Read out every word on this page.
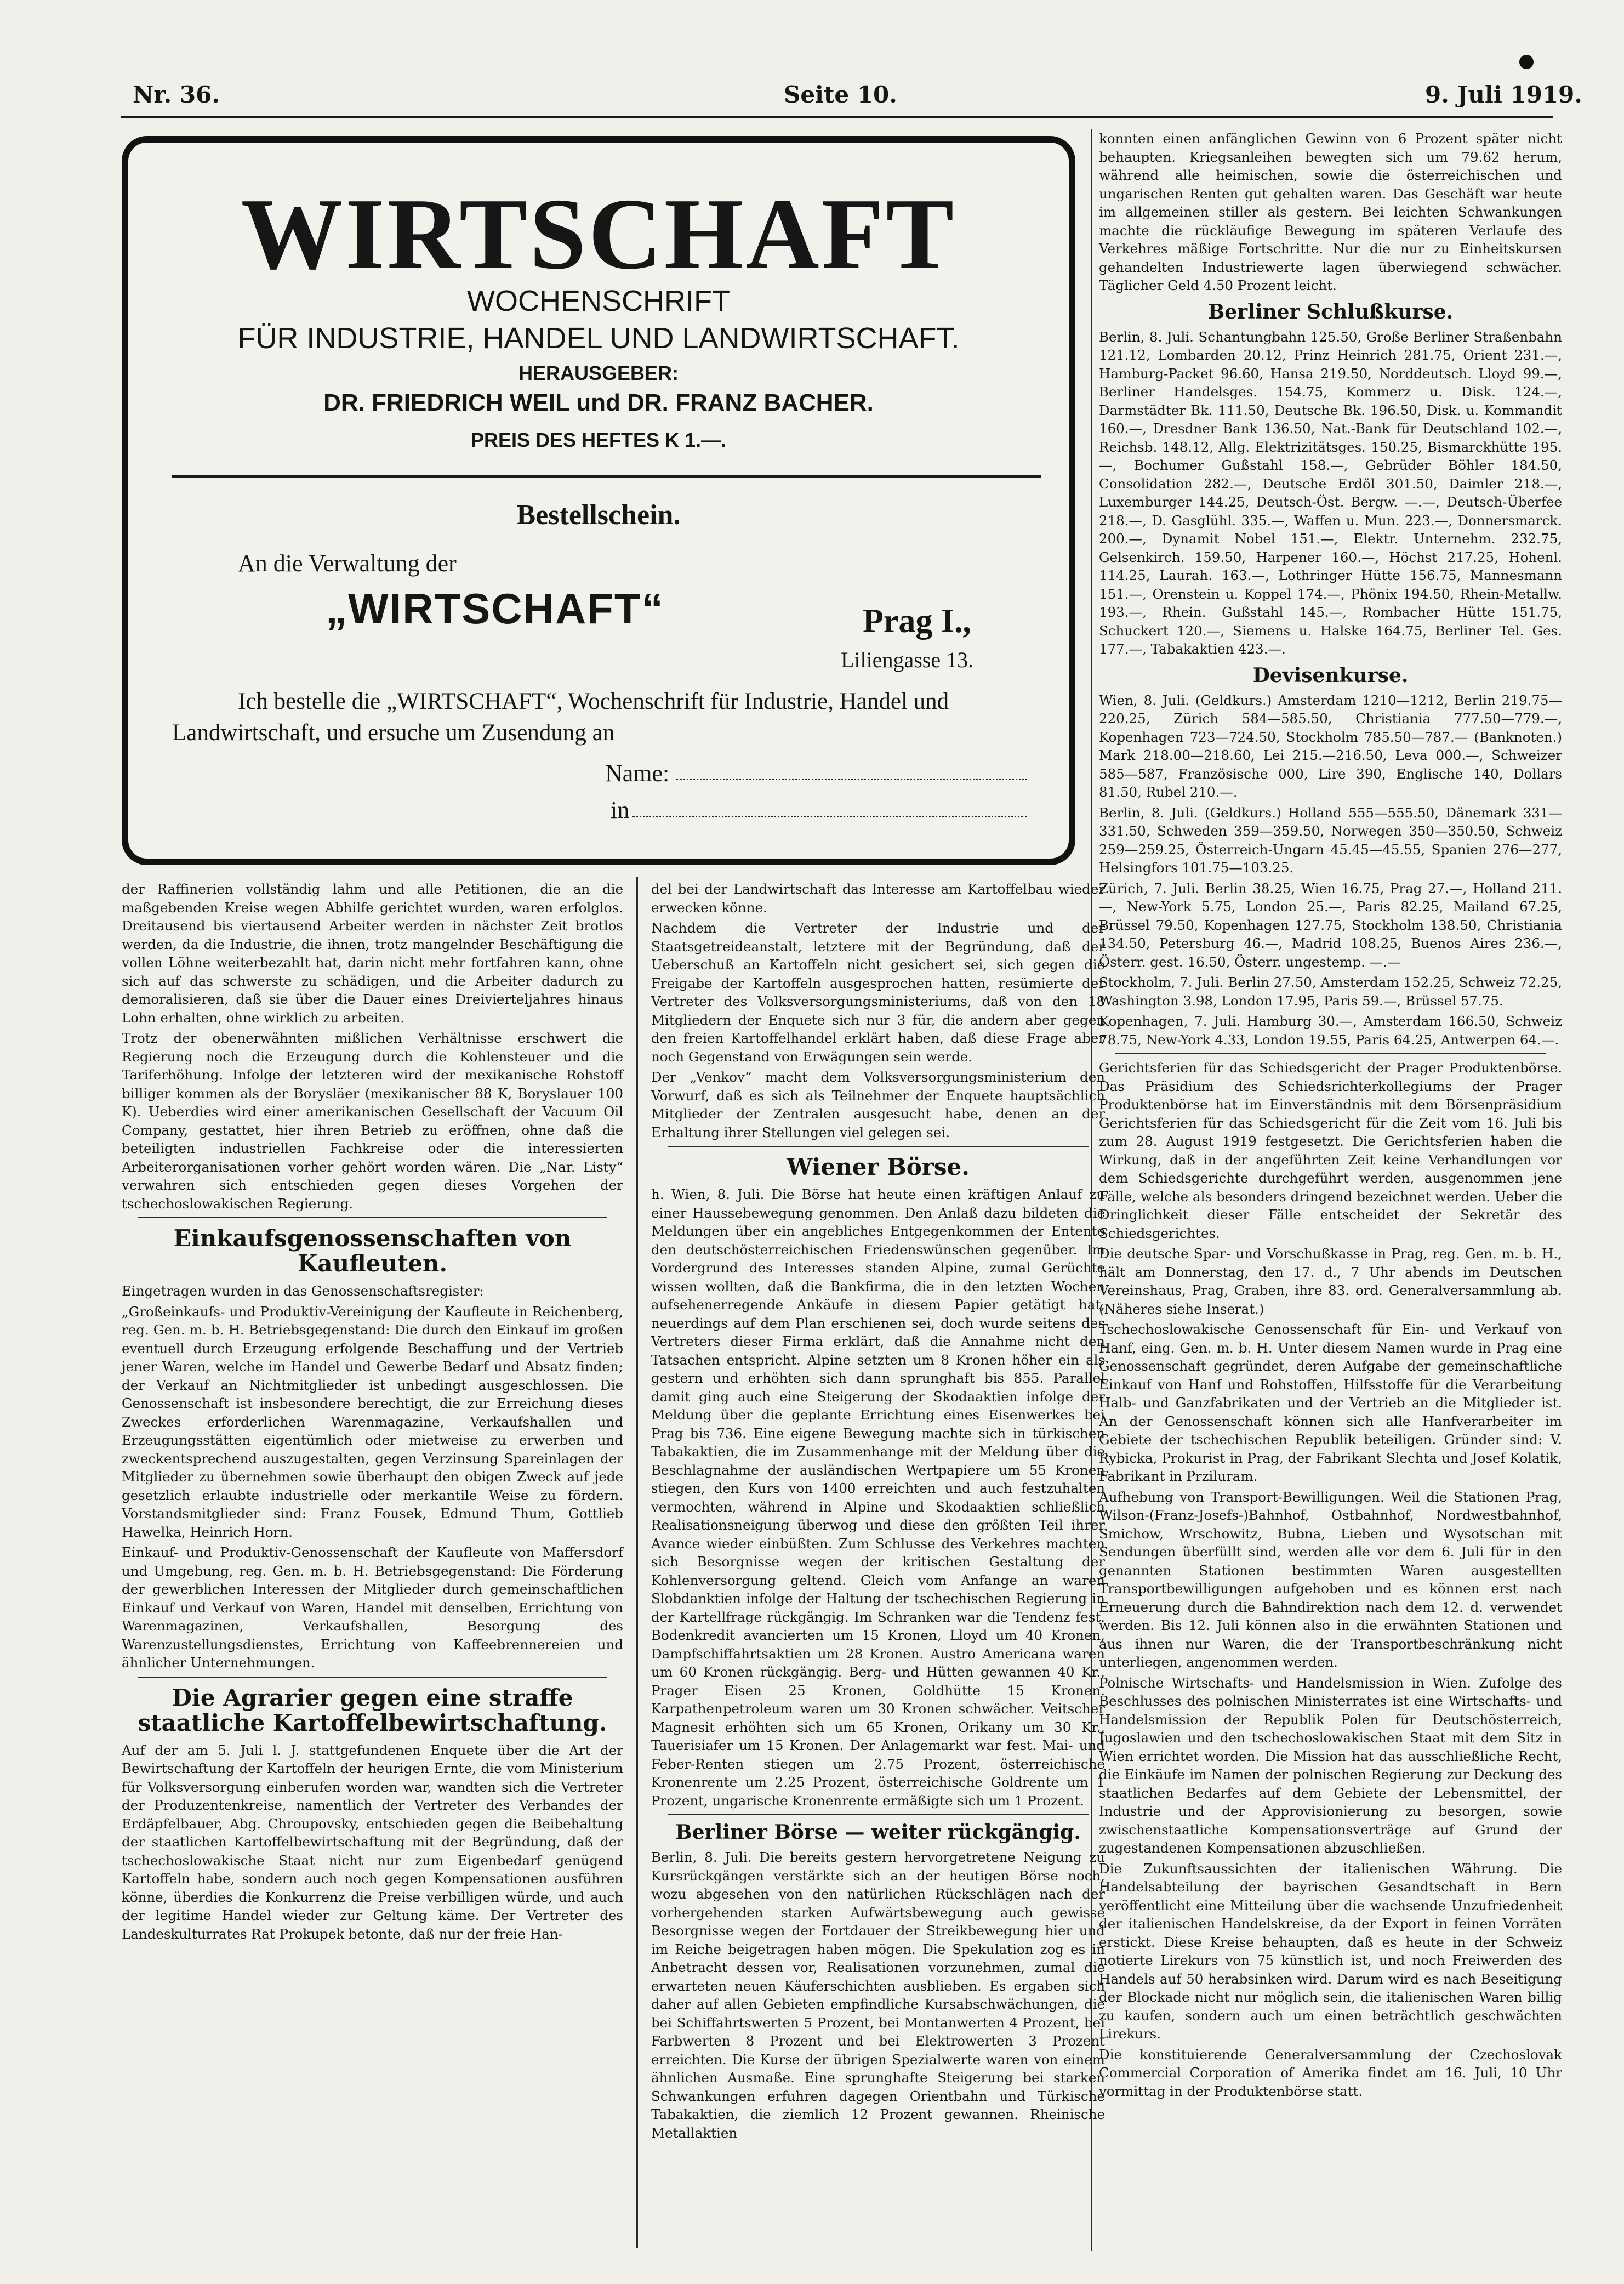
Nr. 36.	Seite 10.	9. Juli 1919.
WIRTSCHAFT
WOCHENSCHRIFT
FÜR INDUSTRIE, HANDEL UND LANDWIRTSCHAFT.
HERAUSGEBER:
DR. FRIEDRICH WEIL und DR. FRANZ BACHER.
PREIS DES HEFTES K 1.—.
Bestellschein.
An die Verwaltung der
„WIRTSCHAFT“	Prag I.,
Liliengasse 13.
Ich bestelle die „WIRTSCHAFT“, Wochenschrift für Industrie, Handel und
Landwirtschaft, und ersuche um Zusendung an
Name:
in

der Raffinerien vollständig lahm und alle Petitionen, die an die maßgebenden Kreise wegen Abhilfe gerichtet wurden, waren erfolglos. Dreitausend bis viertausend Arbeiter werden in nächster Zeit brotlos werden, da die Industrie, die ihnen, trotz mangelnder Beschäftigung die vollen Löhne weiterbezahlt hat, darin nicht mehr fortfahren kann, ohne sich auf das schwerste zu schädigen, und die Arbeiter dadurch zu demoralisieren, daß sie über die Dauer eines Dreivierteljahres hinaus Lohn erhalten, ohne wirklich zu arbeiten.

Trotz der obenerwähnten mißlichen Verhältnisse erschwert die Regierung noch die Erzeugung durch die Kohlensteuer und die Tariferhöhung. Infolge der letzteren wird der mexikanische Rohstoff billiger kommen als der Borysläer (mexikanischer 88 K, Boryslauer 100 K). Ueberdies wird einer amerikanischen Gesellschaft der Vacuum Oil Company, gestattet, hier ihren Betrieb zu eröffnen, ohne daß die beteiligten industriellen Fachkreise oder die interessierten Arbeiterorganisationen vorher gehört worden wären. Die „Nar. Listy“ verwahren sich entschieden gegen dieses Vorgehen der tschechoslowakischen Regierung.

Einkaufsgenossenschaften von Kaufleuten.

Eingetragen wurden in das Genossenschaftsregister:

„Großeinkaufs- und Produktiv-Vereinigung der Kaufleute in Reichenberg, reg. Gen. m. b. H. Betriebsgegenstand: Die durch den Einkauf im großen eventuell durch Erzeugung erfolgende Beschaffung und der Vertrieb jener Waren, welche im Handel und Gewerbe Bedarf und Absatz finden; der Verkauf an Nichtmitglieder ist unbedingt ausgeschlossen. Die Genossenschaft ist insbesondere berechtigt, die zur Erreichung dieses Zweckes erforderlichen Warenmagazine, Verkaufshallen und Erzeugungsstätten eigentümlich oder mietweise zu erwerben und zweckentsprechend auszugestalten, gegen Verzinsung Spareinlagen der Mitglieder zu übernehmen sowie überhaupt den obigen Zweck auf jede gesetzlich erlaubte industrielle oder merkantile Weise zu fördern. Vorstandsmitglieder sind: Franz Fousek, Edmund Thum, Gottlieb Hawelka, Heinrich Horn.

Einkauf- und Produktiv-Genossenschaft der Kaufleute von Maffersdorf und Umgebung, reg. Gen. m. b. H. Betriebsgegenstand: Die Förderung der gewerblichen Interessen der Mitglieder durch gemeinschaftlichen Einkauf und Verkauf von Waren, Handel mit denselben, Errichtung von Warenmagazinen, Verkaufshallen, Besorgung des Warenzustellungsdienstes, Errichtung von Kaffeebrennereien und ähnlicher Unternehmungen.

Die Agrarier gegen eine straffe staatliche Kartoffelbewirtschaftung.

Auf der am 5. Juli l. J. stattgefundenen Enquete über die Art der Bewirtschaftung der Kartoffeln der heurigen Ernte, die vom Ministerium für Volksversorgung einberufen worden war, wandten sich die Vertreter der Produzentenkreise, namentlich der Vertreter des Verbandes der Erdäpfelbauer, Abg. Chroupovsky, entschieden gegen die Beibehaltung der staatlichen Kartoffelbewirtschaftung mit der Begründung, daß der tschechoslowakische Staat nicht nur zum Eigenbedarf genügend Kartoffeln habe, sondern auch noch gegen Kompensationen ausführen könne, überdies die Konkurrenz die Preise verbilligen würde, und auch der legitime Handel wieder zur Geltung käme. Der Vertreter des Landeskulturrates Rat Prokupek betonte, daß nur der freie Han-

del bei der Landwirtschaft das Interesse am Kartoffelbau wieder erwecken könne.

Nachdem die Vertreter der Industrie und der Staatsgetreideanstalt, letztere mit der Begründung, daß der Ueberschuß an Kartoffeln nicht gesichert sei, sich gegen die Freigabe der Kartoffeln ausgesprochen hatten, resümierte der Vertreter des Volksversorgungsministeriums, daß von den 18 Mitgliedern der Enquete sich nur 3 für, die andern aber gegen den freien Kartoffelhandel erklärt haben, daß diese Frage aber noch Gegenstand von Erwägungen sein werde.

Der „Venkov“ macht dem Volksversorgungsministerium den Vorwurf, daß es sich als Teilnehmer der Enquete hauptsächlich Mitglieder der Zentralen ausgesucht habe, denen an der Erhaltung ihrer Stellungen viel gelegen sei.

Wiener Börse.

h. Wien, 8. Juli. Die Börse hat heute einen kräftigen Anlauf zu einer Haussebewegung genommen. Den Anlaß dazu bildeten die Meldungen über ein angebliches Entgegenkommen der Entente den deutschösterreichischen Friedenswünschen gegenüber. Im Vordergrund des Interesses standen Alpine, zumal Gerüchte wissen wollten, daß die Bankfirma, die in den letzten Wochen aufsehenerregende Ankäufe in diesem Papier getätigt hat, neuerdings auf dem Plan erschienen sei, doch wurde seitens des Vertreters dieser Firma erklärt, daß die Annahme nicht den Tatsachen entspricht. Alpine setzten um 8 Kronen höher ein als gestern und erhöhten sich dann sprunghaft bis 855. Parallel damit ging auch eine Steigerung der Skodaaktien infolge der Meldung über die geplante Errichtung eines Eisenwerkes bei Prag bis 736. Eine eigene Bewegung machte sich in türkischen Tabakaktien, die im Zusammenhange mit der Meldung über die Beschlagnahme der ausländischen Wertpapiere um 55 Kronen stiegen, den Kurs von 1400 erreichten und auch festzuhalten vermochten, während in Alpine und Skodaaktien schließlich Realisationsneigung überwog und diese den größten Teil ihrer Avance wieder einbüßten. Zum Schlusse des Verkehres machten sich Besorgnisse wegen der kritischen Gestaltung der Kohlenversorgung geltend. Gleich vom Anfange an waren Slobdanktien infolge der Haltung der tschechischen Regierung in der Kartellfrage rückgängig. Im Schranken war die Tendenz fest. Bodenkredit avancierten um 15 Kronen, Lloyd um 40 Kronen, Dampfschiffahrtsaktien um 28 Kronen. Austro Americana waren um 60 Kronen rückgängig. Berg- und Hütten gewannen 40 Kr., Prager Eisen 25 Kronen, Goldhütte 15 Kronen. Karpathenpetroleum waren um 30 Kronen schwächer. Veitscher Magnesit erhöhten sich um 65 Kronen, Orikany um 30 Kr., Tauerisiafer um 15 Kronen. Der Anlagemarkt war fest. Mai- und Feber-Renten stiegen um 2.75 Prozent, österreichische Kronenrente um 2.25 Prozent, österreichische Goldrente um 1 Prozent, ungarische Kronenrente ermäßigte sich um 1 Prozent.

Berliner Börse — weiter rückgängig.

Berlin, 8. Juli. Die bereits gestern hervorgetretene Neigung zu Kursrückgängen verstärkte sich an der heutigen Börse noch, wozu abgesehen von den natürlichen Rückschlägen nach der vorhergehenden starken Aufwärtsbewegung auch gewisse Besorgnisse wegen der Fortdauer der Streikbewegung hier und im Reiche beigetragen haben mögen. Die Spekulation zog es in Anbetracht dessen vor, Realisationen vorzunehmen, zumal die erwarteten neuen Käuferschichten ausblieben. Es ergaben sich daher auf allen Gebieten empfindliche Kursabschwächungen, die bei Schiffahrtswerten 5 Prozent, bei Montanwerten 4 Prozent, bei Farbwerten 8 Prozent und bei Elektrowerten 3 Prozent erreichten. Die Kurse der übrigen Spezialwerte waren von einem ähnlichen Ausmaße. Eine sprunghafte Steigerung bei starken Schwankungen erfuhren dagegen Orientbahn und Türkische Tabakaktien, die ziemlich 12 Prozent gewannen. Rheinische Metallaktien

konnten einen anfänglichen Gewinn von 6 Prozent später nicht behaupten. Kriegsanleihen bewegten sich um 79.62 herum, während alle heimischen, sowie die österreichischen und ungarischen Renten gut gehalten waren. Das Geschäft war heute im allgemeinen stiller als gestern. Bei leichten Schwankungen machte die rückläufige Bewegung im späteren Verlaufe des Verkehres mäßige Fortschritte. Nur die nur zu Einheitskursen gehandelten Industriewerte lagen überwiegend schwächer. Täglicher Geld 4.50 Prozent leicht.

Berliner Schlußkurse.

Berlin, 8. Juli. Schantungbahn 125.50, Große Berliner Straßenbahn 121.12, Lombarden 20.12, Prinz Heinrich 281.75, Orient 231.—, Hamburg-Packet 96.60, Hansa 219.50, Norddeutsch. Lloyd 99.—, Berliner Handelsges. 154.75, Kommerz u. Disk. 124.—, Darmstädter Bk. 111.50, Deutsche Bk. 196.50, Disk. u. Kommandit 160.—, Dresdner Bank 136.50, Nat.-Bank für Deutschland 102.—, Reichsb. 148.12, Allg. Elektrizitätsges. 150.25, Bismarckhütte 195.—, Bochumer Gußstahl 158.—, Gebrüder Böhler 184.50, Consolidation 282.—, Deutsche Erdöl 301.50, Daimler 218.—, Luxemburger 144.25, Deutsch-Öst. Bergw. —.—, Deutsch-Überfee 218.—, D. Gasglühl. 335.—, Waffen u. Mun. 223.—, Donnersmarck. 200.—, Dynamit Nobel 151.—, Elektr. Unternehm. 232.75, Gelsenkirch. 159.50, Harpener 160.—, Höchst 217.25, Hohenl. 114.25, Laurah. 163.—, Lothringer Hütte 156.75, Mannesmann 151.—, Orenstein u. Koppel 174.—, Phönix 194.50, Rhein-Metallw. 193.—, Rhein. Gußstahl 145.—, Rombacher Hütte 151.75, Schuckert 120.—, Siemens u. Halske 164.75, Berliner Tel. Ges. 177.—, Tabakaktien 423.—.

Devisenkurse.

Wien, 8. Juli. (Geldkurs.) Amsterdam 1210—1212, Berlin 219.75—220.25, Zürich 584—585.50, Christiania 777.50—779.—, Kopenhagen 723—724.50, Stockholm 785.50—787.— (Banknoten.) Mark 218.00—218.60, Lei 215.—216.50, Leva 000.—, Schweizer 585—587, Französische 000, Lire 390, Englische 140, Dollars 81.50, Rubel 210.—.

Berlin, 8. Juli. (Geldkurs.) Holland 555—555.50, Dänemark 331—331.50, Schweden 359—359.50, Norwegen 350—350.50, Schweiz 259—259.25, Österreich-Ungarn 45.45—45.55, Spanien 276—277, Helsingfors 101.75—103.25.

Zürich, 7. Juli. Berlin 38.25, Wien 16.75, Prag 27.—, Holland 211.—, New-York 5.75, London 25.—, Paris 82.25, Mailand 67.25, Brüssel 79.50, Kopenhagen 127.75, Stockholm 138.50, Christiania 134.50, Petersburg 46.—, Madrid 108.25, Buenos Aires 236.—, Österr. gest. 16.50, Österr. ungestemp. —.—

Stockholm, 7. Juli. Berlin 27.50, Amsterdam 152.25, Schweiz 72.25, Washington 3.98, London 17.95, Paris 59.—, Brüssel 57.75.

Kopenhagen, 7. Juli. Hamburg 30.—, Amsterdam 166.50, Schweiz 78.75, New-York 4.33, London 19.55, Paris 64.25, Antwerpen 64.—.

Gerichtsferien für das Schiedsgericht der Prager Produktenbörse. Das Präsidium des Schiedsrichterkollegiums der Prager Produktenbörse hat im Einverständnis mit dem Börsenpräsidium Gerichtsferien für das Schiedsgericht für die Zeit vom 16. Juli bis zum 28. August 1919 festgesetzt. Die Gerichtsferien haben die Wirkung, daß in der angeführten Zeit keine Verhandlungen vor dem Schiedsgerichte durchgeführt werden, ausgenommen jene Fälle, welche als besonders dringend bezeichnet werden. Ueber die Dringlichkeit dieser Fälle entscheidet der Sekretär des Schiedsgerichtes.

Die deutsche Spar- und Vorschußkasse in Prag, reg. Gen. m. b. H., hält am Donnerstag, den 17. d., 7 Uhr abends im Deutschen Vereinshaus, Prag, Graben, ihre 83. ord. Generalversammlung ab. (Näheres siehe Inserat.)

Tschechoslowakische Genossenschaft für Ein- und Verkauf von Hanf, eing. Gen. m. b. H. Unter diesem Namen wurde in Prag eine Genossenschaft gegründet, deren Aufgabe der gemeinschaftliche Einkauf von Hanf und Rohstoffen, Hilfsstoffe für die Verarbeitung Halb- und Ganzfabrikaten und der Vertrieb an die Mitglieder ist. An der Genossenschaft können sich alle Hanfverarbeiter im Gebiete der tschechischen Republik beteiligen. Gründer sind: V. Rybicka, Prokurist in Prag, der Fabrikant Slechta und Josef Kolatik, Fabrikant in Prziluram.

Aufhebung von Transport-Bewilligungen. Weil die Stationen Prag, Wilson-(Franz-Josefs-)Bahnhof, Ostbahnhof, Nordwestbahnhof, Smichow, Wrschowitz, Bubna, Lieben und Wysotschan mit Sendungen überfüllt sind, werden alle vor dem 6. Juli für in den genannten Stationen bestimmten Waren ausgestellten Transportbewilligungen aufgehoben und es können erst nach Erneuerung durch die Bahndirektion nach dem 12. d. verwendet werden. Bis 12. Juli können also in die erwähnten Stationen und aus ihnen nur Waren, die der Transportbeschränkung nicht unterliegen, angenommen werden.

Polnische Wirtschafts- und Handelsmission in Wien. Zufolge des Beschlusses des polnischen Ministerrates ist eine Wirtschafts- und Handelsmission der Republik Polen für Deutschösterreich, Jugoslawien und den tschechoslowakischen Staat mit dem Sitz in Wien errichtet worden. Die Mission hat das ausschließliche Recht, die Einkäufe im Namen der polnischen Regierung zur Deckung des staatlichen Bedarfes auf dem Gebiete der Lebensmittel, der Industrie und der Approvisionierung zu besorgen, sowie zwischenstaatliche Kompensationsverträge auf Grund der zugestandenen Kompensationen abzuschließen.

Die Zukunftsaussichten der italienischen Währung. Die Handelsabteilung der bayrischen Gesandtschaft in Bern veröffentlicht eine Mitteilung über die wachsende Unzufriedenheit der italienischen Handelskreise, da der Export in feinen Vorräten erstickt. Diese Kreise behaupten, daß es heute in der Schweiz notierte Lirekurs von 75 künstlich ist, und noch Freiwerden des Handels auf 50 herabsinken wird. Darum wird es nach Beseitigung der Blockade nicht nur möglich sein, die italienischen Waren billig zu kaufen, sondern auch um einen beträchtlich geschwächten Lirekurs.

Die konstituierende Generalversammlung der Czechoslovak Commercial Corporation of Amerika findet am 16. Juli, 10 Uhr vormittag in der Produktenbörse statt.
